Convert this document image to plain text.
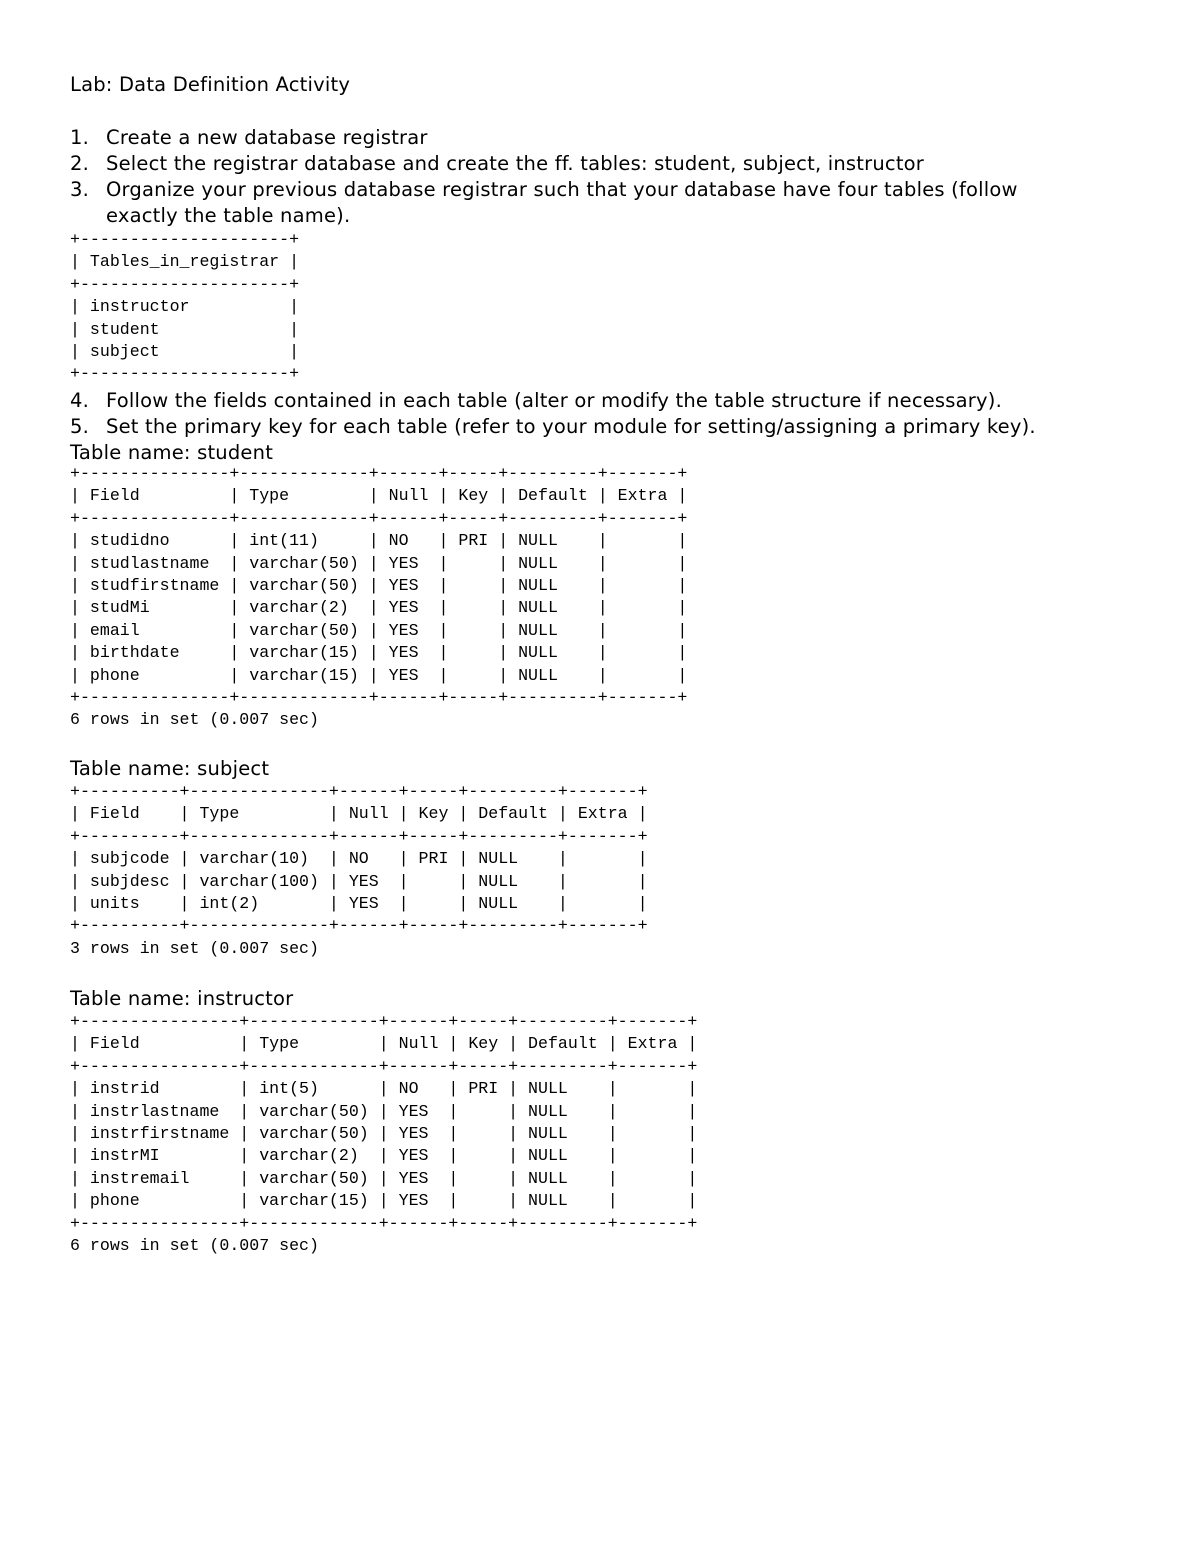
Lab: Data Definition Activity
1. Create a new database registrar
2. Select the registrar database and create the ff. tables: student, subject, instructor
3. Organize your previous database registrar such that your database have four tables (follow
exactly the table name).
+---------------------+
| Tables_in_registrar |
+---------------------+
| instructor          |
| student             |
| subject             |
+---------------------+

4. Follow the fields contained in each table (alter or modify the table structure if necessary).
5. Set the primary key for each table (refer to your module for setting/assigning a primary key).
Table name: student
+---------------+-------------+------+-----+---------+-------+
| Field         | Type        | Null | Key | Default | Extra |
+---------------+-------------+------+-----+---------+-------+
| studidno      | int(11)     | NO   | PRI | NULL    |       |
| studlastname  | varchar(50) | YES  |     | NULL    |       |
| studfirstname | varchar(50) | YES  |     | NULL    |       |
| studMi        | varchar(2)  | YES  |     | NULL    |       |
| email         | varchar(50) | YES  |     | NULL    |       |
| birthdate     | varchar(15) | YES  |     | NULL    |       |
| phone         | varchar(15) | YES  |     | NULL    |       |
+---------------+-------------+------+-----+---------+-------+
6 rows in set (0.007 sec)

Table name: subject
+----------+--------------+------+-----+---------+-------+
| Field    | Type         | Null | Key | Default | Extra |
+----------+--------------+------+-----+---------+-------+
| subjcode | varchar(10)  | NO   | PRI | NULL    |       |
| subjdesc | varchar(100) | YES  |     | NULL    |       |
| units    | int(2)       | YES  |     | NULL    |       |
+----------+--------------+------+-----+---------+-------+
3 rows in set (0.007 sec)

Table name: instructor
+----------------+-------------+------+-----+---------+-------+
| Field          | Type        | Null | Key | Default | Extra |
+----------------+-------------+------+-----+---------+-------+
| instrid        | int(5)      | NO   | PRI | NULL    |       |
| instrlastname  | varchar(50) | YES  |     | NULL    |       |
| instrfirstname | varchar(50) | YES  |     | NULL    |       |
| instrMI        | varchar(2)  | YES  |     | NULL    |       |
| instremail     | varchar(50) | YES  |     | NULL    |       |
| phone          | varchar(15) | YES  |     | NULL    |       |
+----------------+-------------+------+-----+---------+-------+
6 rows in set (0.007 sec)
